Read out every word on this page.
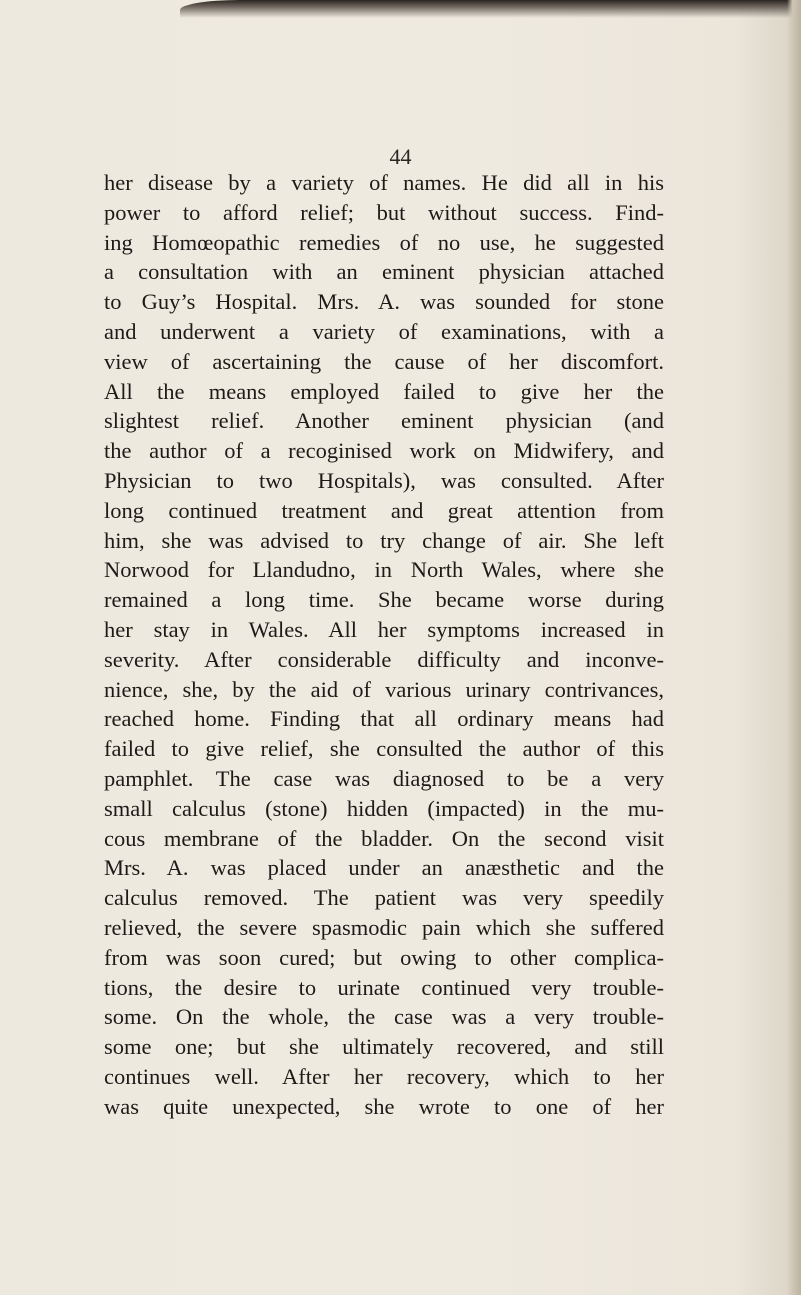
44
her disease by a variety of names. He did all in his
power to afford relief; but without success. Find-
ing Homœopathic remedies of no use, he suggested
a consultation with an eminent physician attached
to Guy’s Hospital. Mrs. A. was sounded for stone
and underwent a variety of examinations, with a
view of ascertaining the cause of her discomfort.
All the means employed failed to give her the
slightest relief. Another eminent physician (and
the author of a recoginised work on Midwifery, and
Physician to two Hospitals), was consulted. After
long continued treatment and great attention from
him, she was advised to try change of air. She left
Norwood for Llandudno, in North Wales, where she
remained a long time. She became worse during
her stay in Wales. All her symptoms increased in
severity. After considerable difficulty and inconve-
nience, she, by the aid of various urinary contrivances,
reached home. Finding that all ordinary means had
failed to give relief, she consulted the author of this
pamphlet. The case was diagnosed to be a very
small calculus (stone) hidden (impacted) in the mu-
cous membrane of the bladder. On the second visit
Mrs. A. was placed under an anæsthetic and the
calculus removed. The patient was very speedily
relieved, the severe spasmodic pain which she suffered
from was soon cured; but owing to other complica-
tions, the desire to urinate continued very trouble-
some. On the whole, the case was a very trouble-
some one; but she ultimately recovered, and still
continues well. After her recovery, which to her
was quite unexpected, she wrote to one of her
